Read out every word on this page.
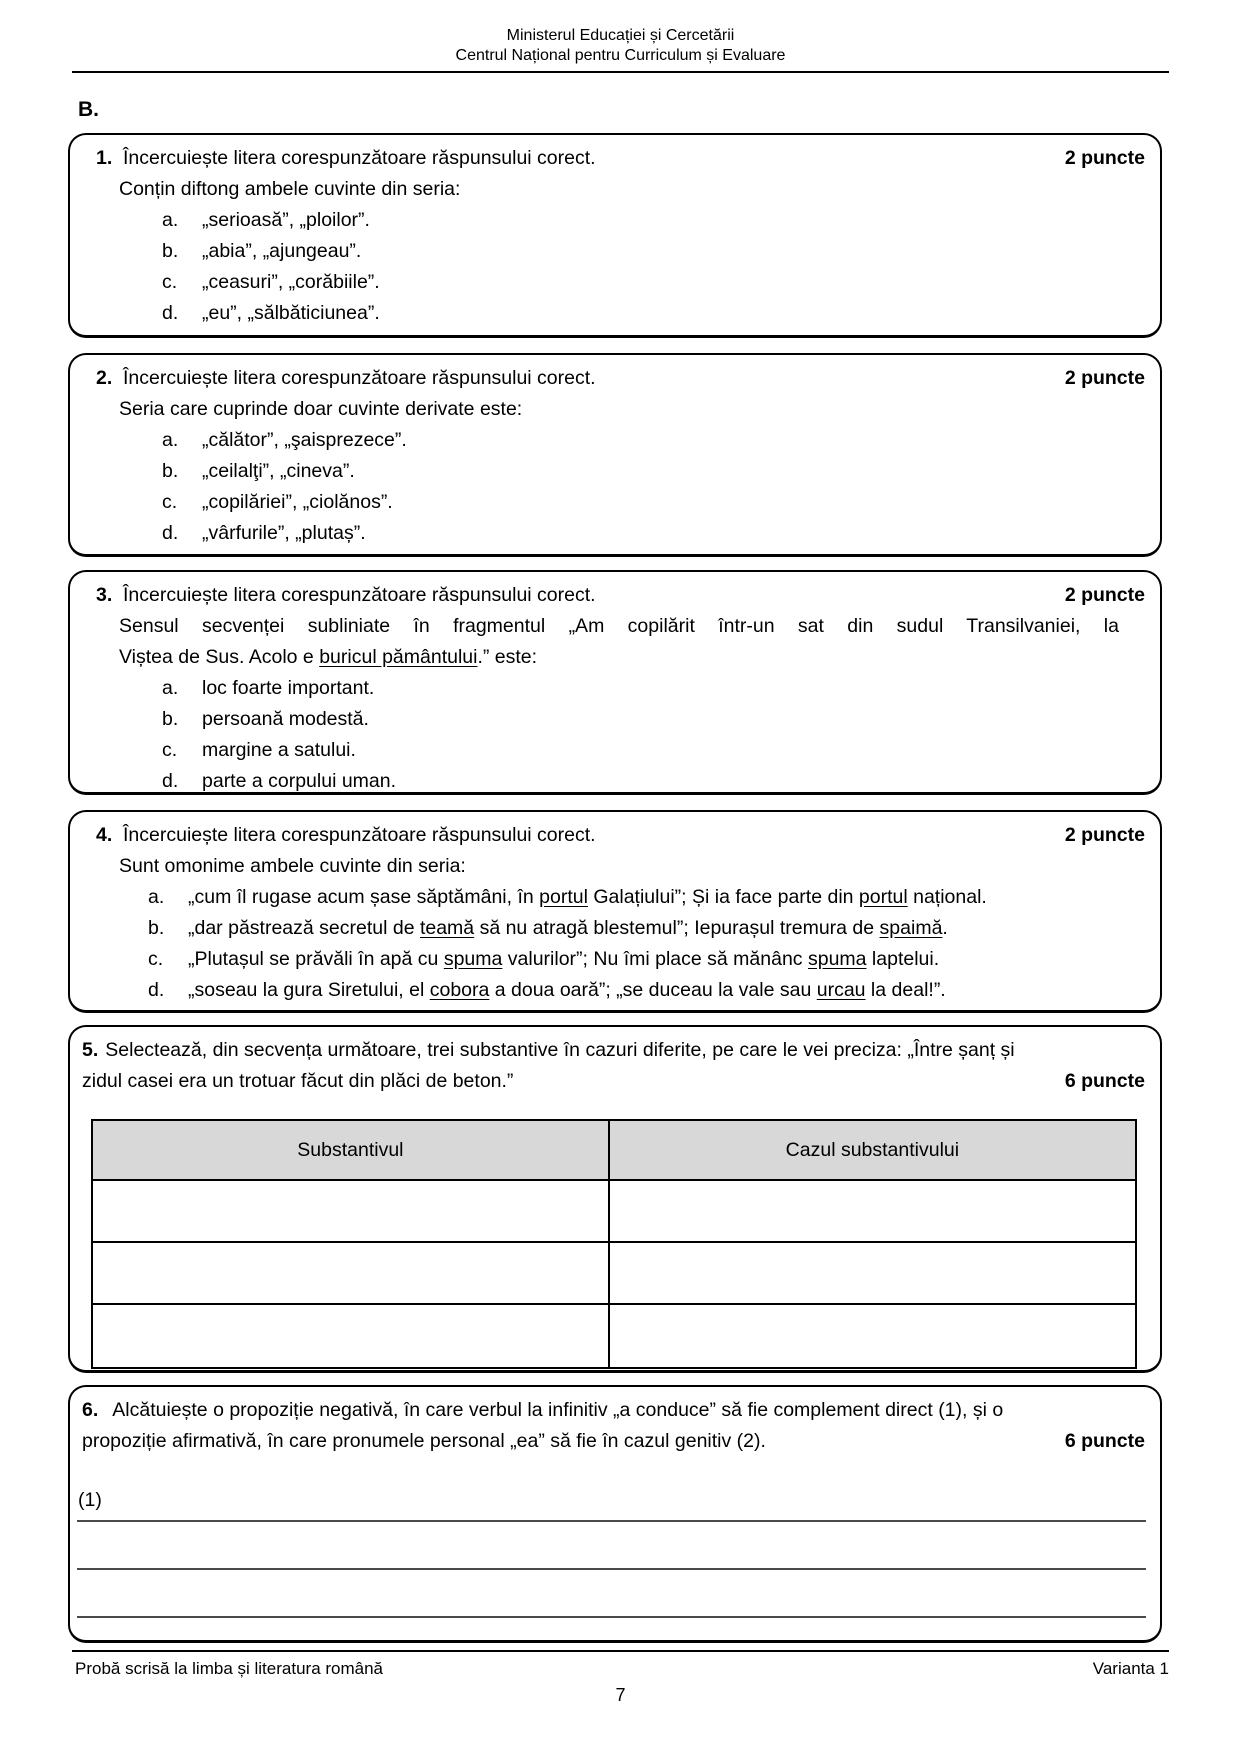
Ministerul Educației și Cercetării
Centrul Național pentru Curriculum și Evaluare
B.
1. Încercuiește litera corespunzătoare răspunsului corect.	2 puncte
Conțin diftong ambele cuvinte din seria:
a.	„serioasă”, „ploilor”.
b.	„abia”, „ajungeau”.
c.	„ceasuri”, „corăbiile”.
d.	„eu”, „sălbăticiunea”.
2. Încercuiește litera corespunzătoare răspunsului corect.	2 puncte
Seria care cuprinde doar cuvinte derivate este:
a.	„călător”, „şaisprezece”.
b.	„ceilalţi”, „cineva”.
c.	„copilăriei”, „ciolănos”.
d.	„vârfurile”, „plutaș”.
3. Încercuiește litera corespunzătoare răspunsului corect.	2 puncte
Sensul secvenței subliniate în fragmentul „Am copilărit într-un sat din sudul Transilvaniei, la
Viștea de Sus. Acolo e buricul pământului.” este:
a.	loc foarte important.
b.	persoană modestă.
c.	margine a satului.
d.	parte a corpului uman.
4. Încercuiește litera corespunzătoare răspunsului corect.	2 puncte
Sunt omonime ambele cuvinte din seria:
a.	„cum îl rugase acum șase săptămâni, în portul Galațiului”; Și ia face parte din portul național.
b.	„dar păstrează secretul de teamă să nu atragă blestemul”; Iepurașul tremura de spaimă.
c.	„Plutașul se prăvăli în apă cu spuma valurilor”; Nu îmi place să mănânc spuma laptelui.
d.	„soseau la gura Siretului, el cobora a doua oară”; „se duceau la vale sau urcau la deal!”.
6 puncte
5. Selectează, din secvența următoare, trei substantive în cazuri diferite, pe care le vei preciza: „Între șanț și
zidul casei era un trotuar făcut din plăci de beton.”
Substantivul	Cazul substantivului
6 puncte
6. Alcătuiește o propoziție negativă, în care verbul la infinitiv „a conduce” să fie complement direct (1), și o
propoziție afirmativă, în care pronumele personal „ea” să fie în cazul genitiv (2).
(1)
Probă scrisă la limba și literatura română	Varianta 1
7
